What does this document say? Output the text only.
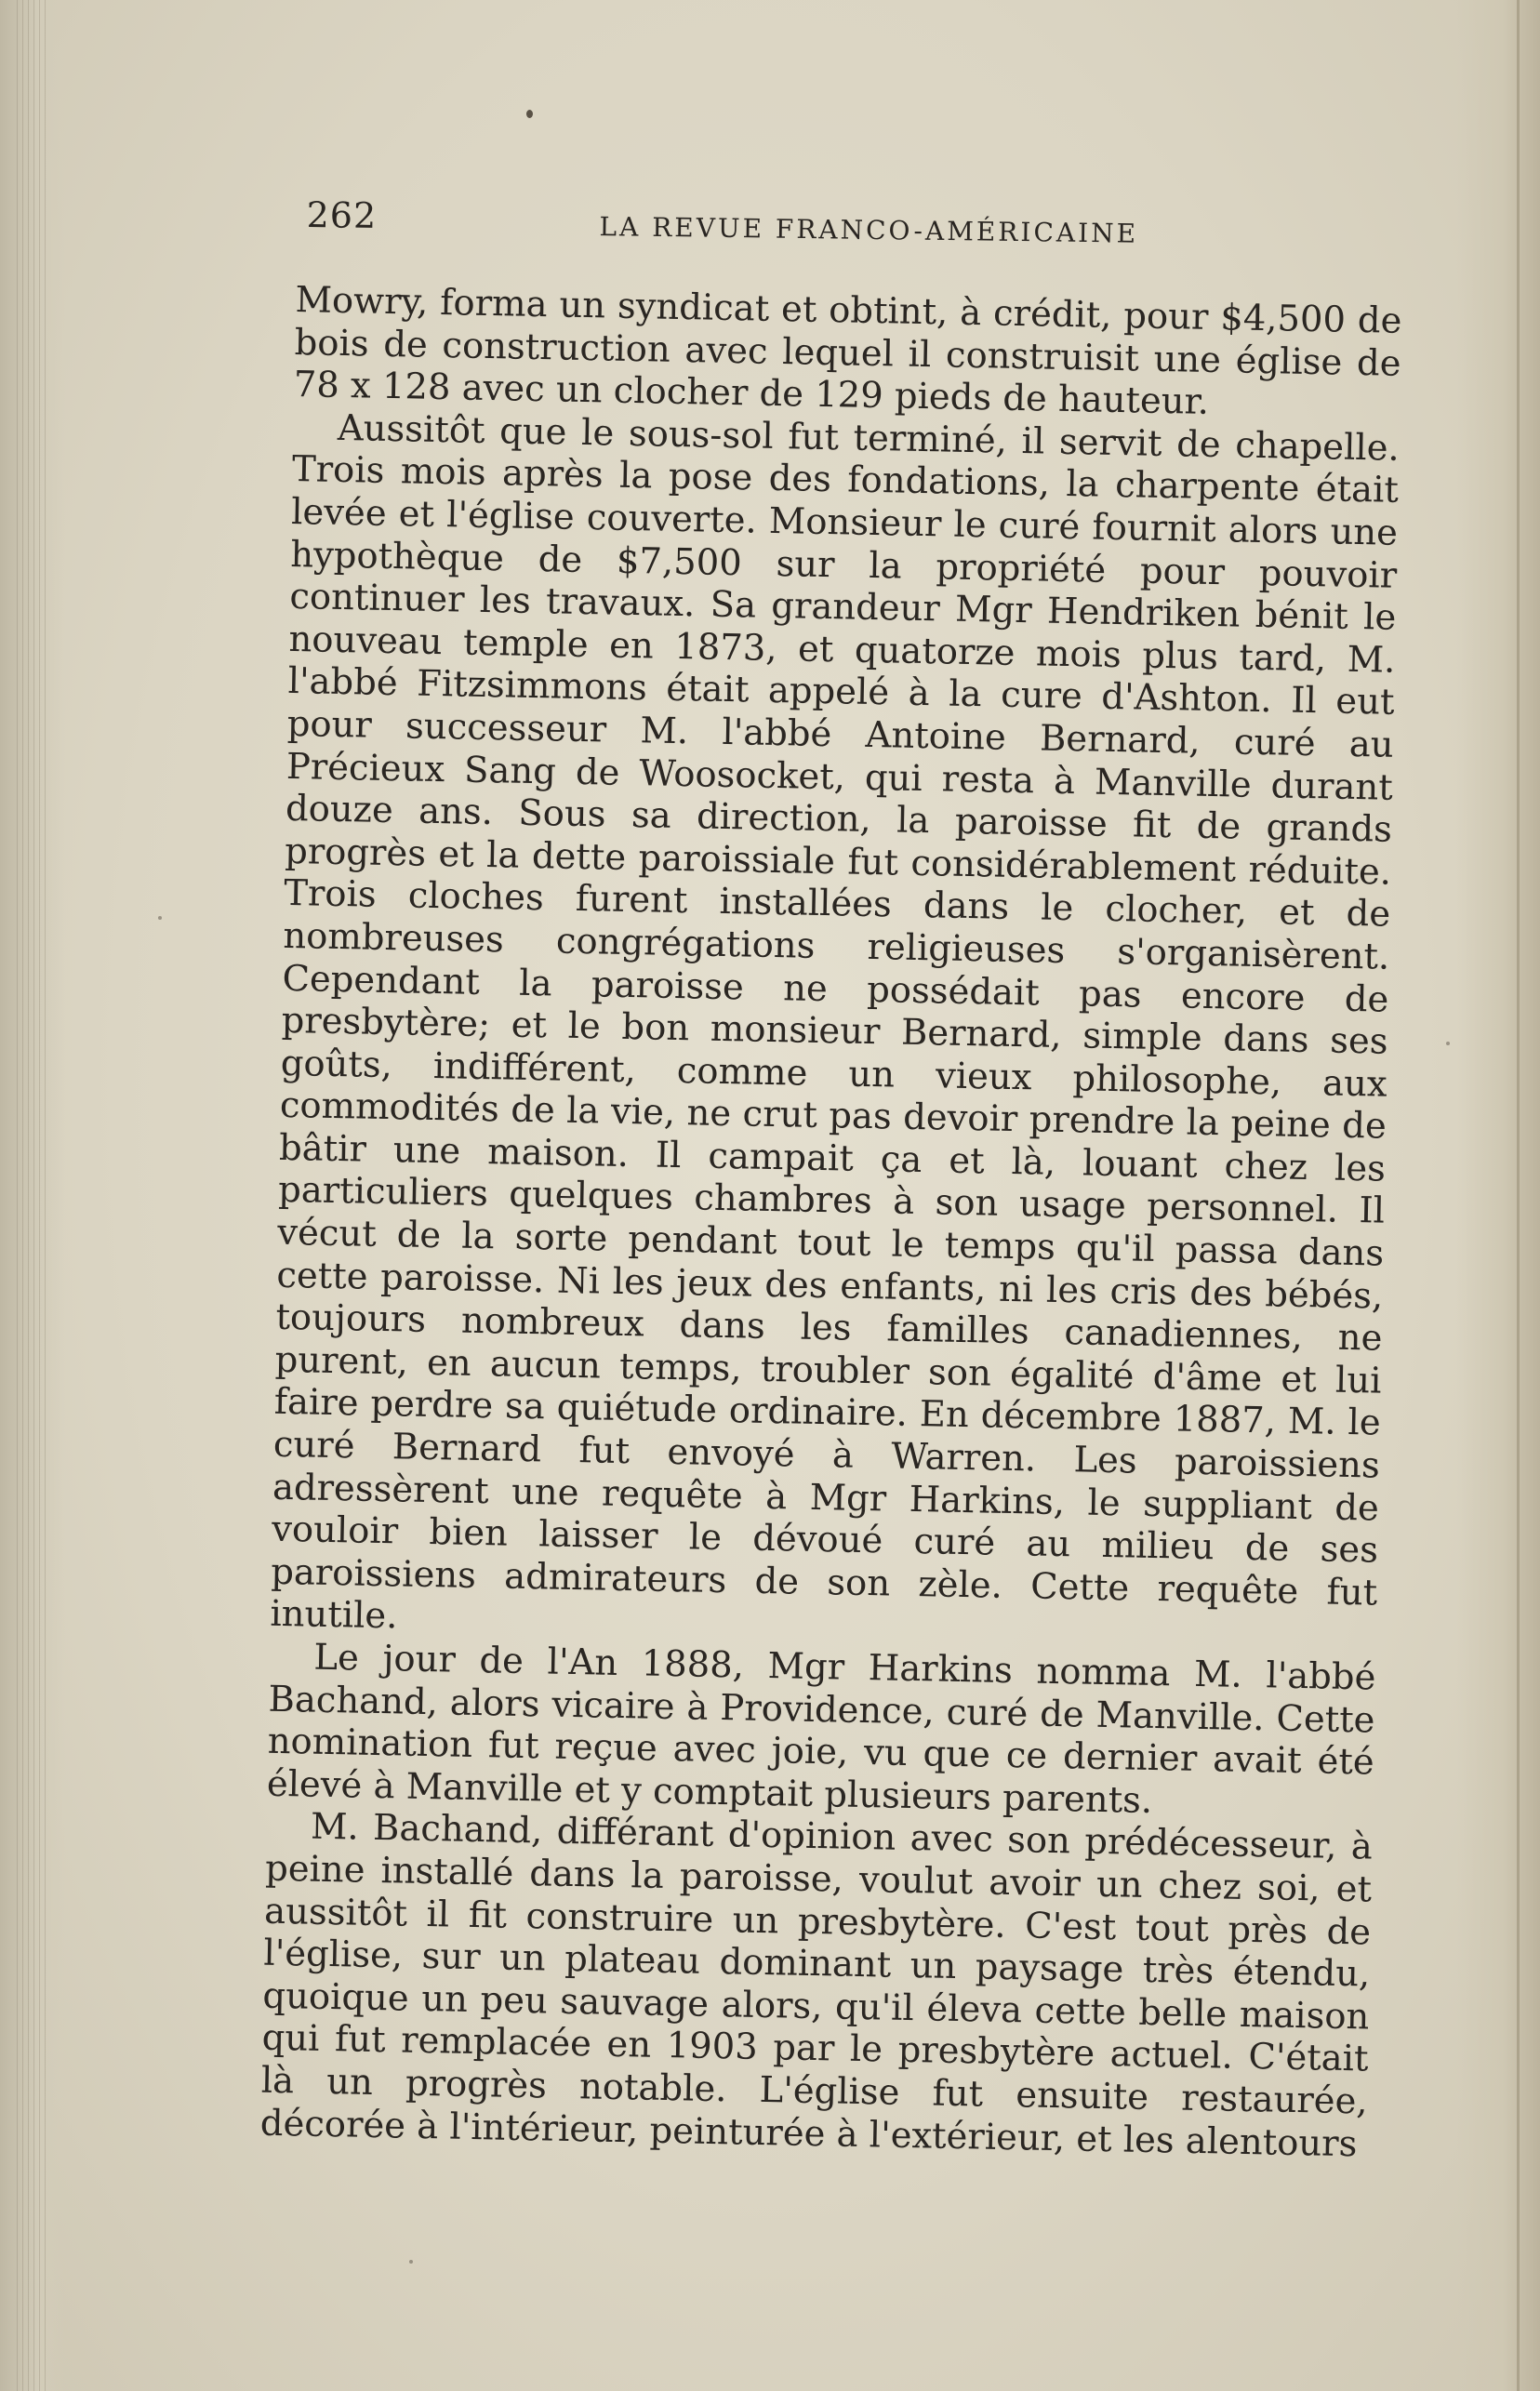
262	LA REVUE FRANCO-AMÉRICAINE

Mowry, forma un syndicat et obtint, à crédit, pour $4,500 de bois de construction avec lequel il construisit une église de 78 x 128 avec un clocher de 129 pieds de hauteur.

Aussitôt que le sous-sol fut terminé, il servit de chapelle. Trois mois après la pose des fondations, la charpente était levée et l'église couverte. Monsieur le curé fournit alors une hypothèque de $7,500 sur la propriété pour pouvoir continuer les travaux. Sa grandeur Mgr Hendriken bénit le nouveau temple en 1873, et quatorze mois plus tard, M. l'abbé Fitzsimmons était appelé à la cure d'Ashton. Il eut pour successeur M. l'abbé Antoine Bernard, curé au Précieux Sang de Woosocket, qui resta à Manville durant douze ans. Sous sa direction, la paroisse fit de grands progrès et la dette paroissiale fut considérablement réduite. Trois cloches furent installées dans le clocher, et de nombreuses congrégations religieuses s'organisèrent. Cependant la paroisse ne possédait pas encore de presbytère; et le bon monsieur Bernard, simple dans ses goûts, indifférent, comme un vieux philosophe, aux commodités de la vie, ne crut pas devoir prendre la peine de bâtir une maison. Il campait ça et là, louant chez les particuliers quelques chambres à son usage personnel. Il vécut de la sorte pendant tout le temps qu'il passa dans cette paroisse. Ni les jeux des enfants, ni les cris des bébés, toujours nombreux dans les familles canadiennes, ne purent, en aucun temps, troubler son égalité d'âme et lui faire perdre sa quiétude ordinaire. En décembre 1887, M. le curé Bernard fut envoyé à Warren. Les paroissiens adressèrent une requête à Mgr Harkins, le suppliant de vouloir bien laisser le dévoué curé au milieu de ses paroissiens admirateurs de son zèle. Cette requête fut inutile.

Le jour de l'An 1888, Mgr Harkins nomma M. l'abbé Bachand, alors vicaire à Providence, curé de Manville. Cette nomination fut reçue avec joie, vu que ce dernier avait été élevé à Manville et y comptait plusieurs parents.

M. Bachand, différant d'opinion avec son prédécesseur, à peine installé dans la paroisse, voulut avoir un chez soi, et aussitôt il fit construire un presbytère. C'est tout près de l'église, sur un plateau dominant un paysage très étendu, quoique un peu sauvage alors, qu'il éleva cette belle maison qui fut remplacée en 1903 par le presbytère actuel. C'était là un progrès notable. L'église fut ensuite restaurée, décorée à l'intérieur, peinturée à l'extérieur, et les alentours
